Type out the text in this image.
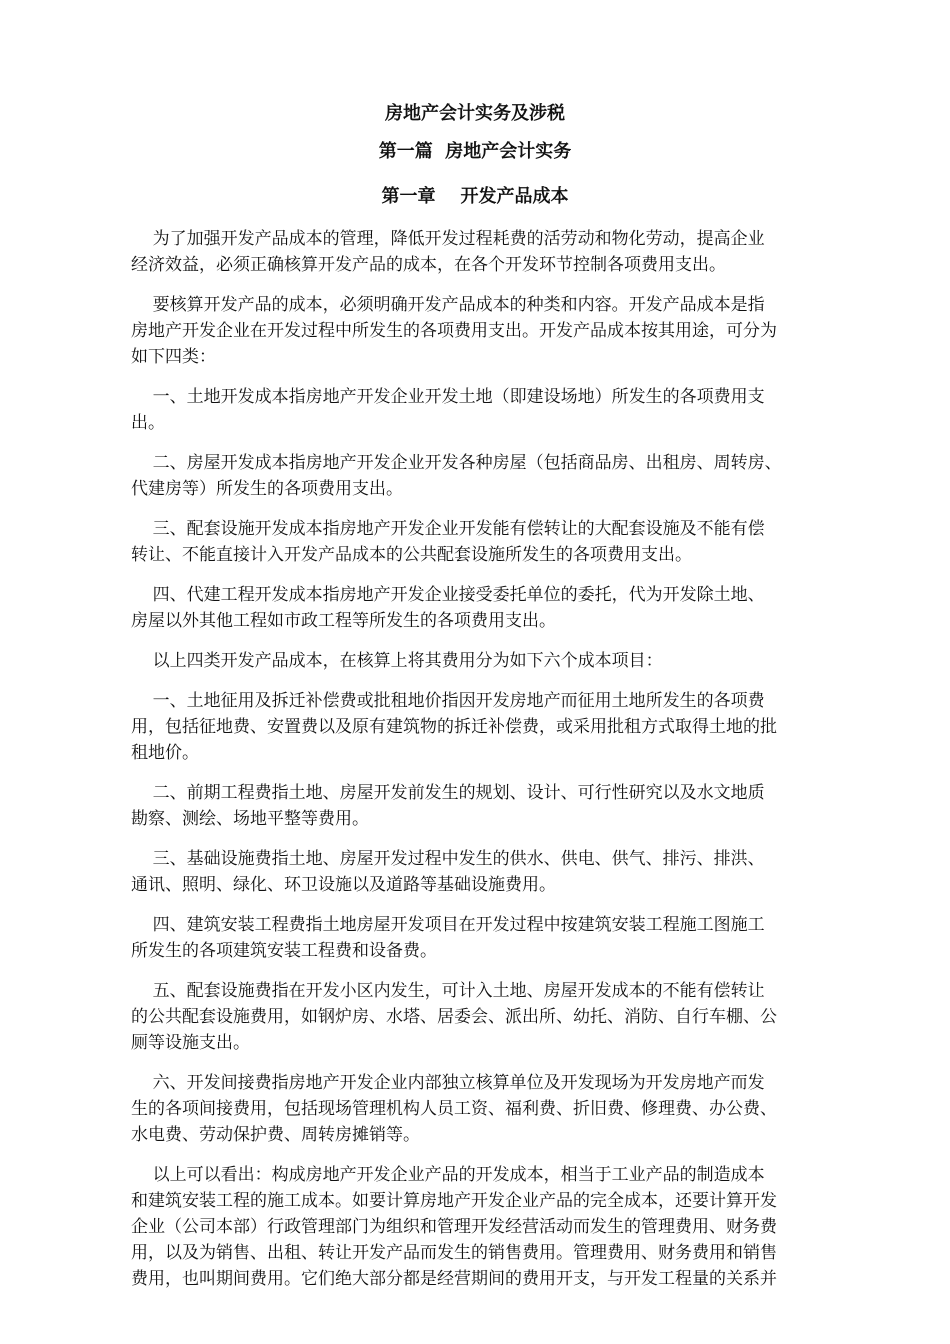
房地产会计实务及涉税
第一篇  房地产会计实务
第一章    开发产品成本
为了加强开发产品成本的管理，降低开发过程耗费的活劳动和物化劳动，提高企业
经济效益，必须正确核算开发产品的成本，在各个开发环节控制各项费用支出。
要核算开发产品的成本，必须明确开发产品成本的种类和内容。开发产品成本是指
房地产开发企业在开发过程中所发生的各项费用支出。开发产品成本按其用途，可分为
如下四类：
一、土地开发成本指房地产开发企业开发土地（即建设场地）所发生的各项费用支
出。
二、房屋开发成本指房地产开发企业开发各种房屋（包括商品房、出租房、周转房、
代建房等）所发生的各项费用支出。
三、配套设施开发成本指房地产开发企业开发能有偿转让的大配套设施及不能有偿
转让、不能直接计入开发产品成本的公共配套设施所发生的各项费用支出。
四、代建工程开发成本指房地产开发企业接受委托单位的委托，代为开发除土地、
房屋以外其他工程如市政工程等所发生的各项费用支出。
以上四类开发产品成本，在核算上将其费用分为如下六个成本项目：
一、土地征用及拆迁补偿费或批租地价指因开发房地产而征用土地所发生的各项费
用，包括征地费、安置费以及原有建筑物的拆迁补偿费，或采用批租方式取得土地的批
租地价。
二、前期工程费指土地、房屋开发前发生的规划、设计、可行性研究以及水文地质
勘察、测绘、场地平整等费用。
三、基础设施费指土地、房屋开发过程中发生的供水、供电、供气、排污、排洪、
通讯、照明、绿化、环卫设施以及道路等基础设施费用。
四、建筑安装工程费指土地房屋开发项目在开发过程中按建筑安装工程施工图施工
所发生的各项建筑安装工程费和设备费。
五、配套设施费指在开发小区内发生，可计入土地、房屋开发成本的不能有偿转让
的公共配套设施费用，如钢炉房、水塔、居委会、派出所、幼托、消防、自行车棚、公
厕等设施支出。
六、开发间接费指房地产开发企业内部独立核算单位及开发现场为开发房地产而发
生的各项间接费用，包括现场管理机构人员工资、福利费、折旧费、修理费、办公费、
水电费、劳动保护费、周转房摊销等。
以上可以看出：构成房地产开发企业产品的开发成本，相当于工业产品的制造成本
和建筑安装工程的施工成本。如要计算房地产开发企业产品的完全成本，还要计算开发
企业（公司本部）行政管理部门为组织和管理开发经营活动而发生的管理费用、财务费
用，以及为销售、出租、转让开发产品而发生的销售费用。管理费用、财务费用和销售
费用，也叫期间费用。它们绝大部分都是经营期间的费用开支，与开发工程量的关系并
